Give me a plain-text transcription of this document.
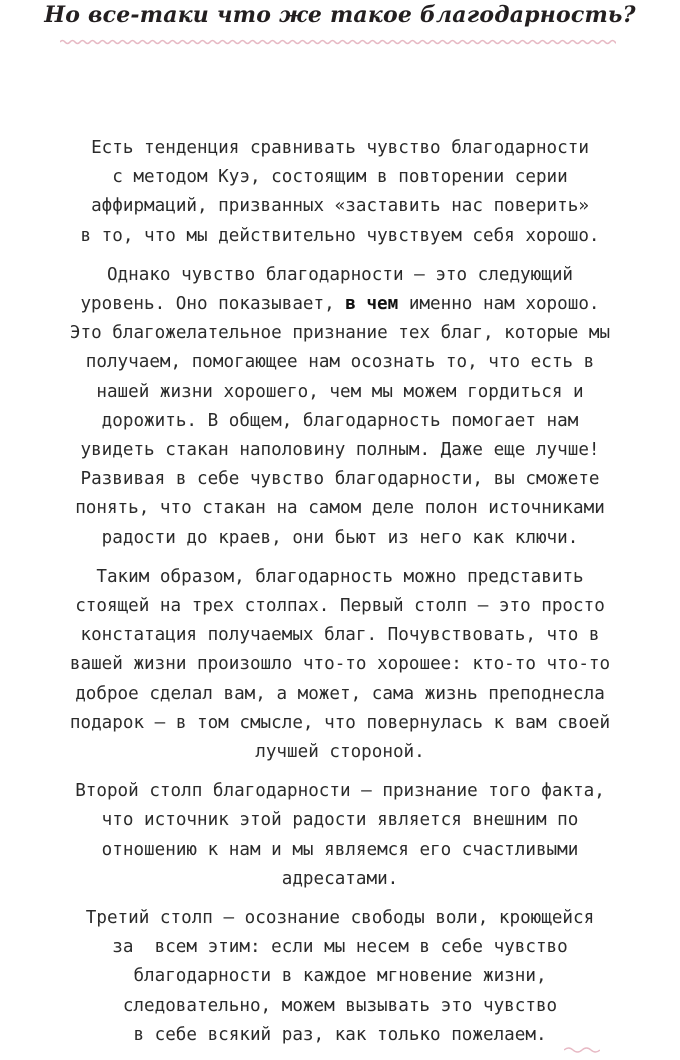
Но все-таки что же такое благодарность?
Есть тенденция сравнивать чувство благодарности
с методом Куэ, состоящим в повторении серии
аффирмаций, призванных «заставить нас поверить»
в то, что мы действительно чувствуем себя хорошо.
Однако чувство благодарности — это следующий
уровень. Оно показывает, в чем именно нам хорошо.
Это благожелательное признание тех благ, которые мы
получаем, помогающее нам осознать то, что есть в
нашей жизни хорошего, чем мы можем гордиться и
дорожить. В общем, благодарность помогает нам
увидеть стакан наполовину полным. Даже еще лучше!
Развивая в себе чувство благодарности, вы сможете
понять, что стакан на самом деле полон источниками
радости до краев, они бьют из него как ключи.
Таким образом, благодарность можно представить
стоящей на трех столпах. Первый столп — это просто
констатация получаемых благ. Почувствовать, что в
вашей жизни произошло что-то хорошее: кто-то что-то
доброе сделал вам, а может, сама жизнь преподнесла
подарок — в том смысле, что повернулась к вам своей
лучшей стороной.
Второй столп благодарности — признание того факта,
что источник этой радости является внешним по
отношению к нам и мы являемся его счастливыми
адресатами.
Третий столп — осознание свободы воли, кроющейся
за  всем этим: если мы несем в себе чувство
благодарности в каждое мгновение жизни,
следовательно, можем вызывать это чувство
в себе всякий раз, как только пожелаем.
